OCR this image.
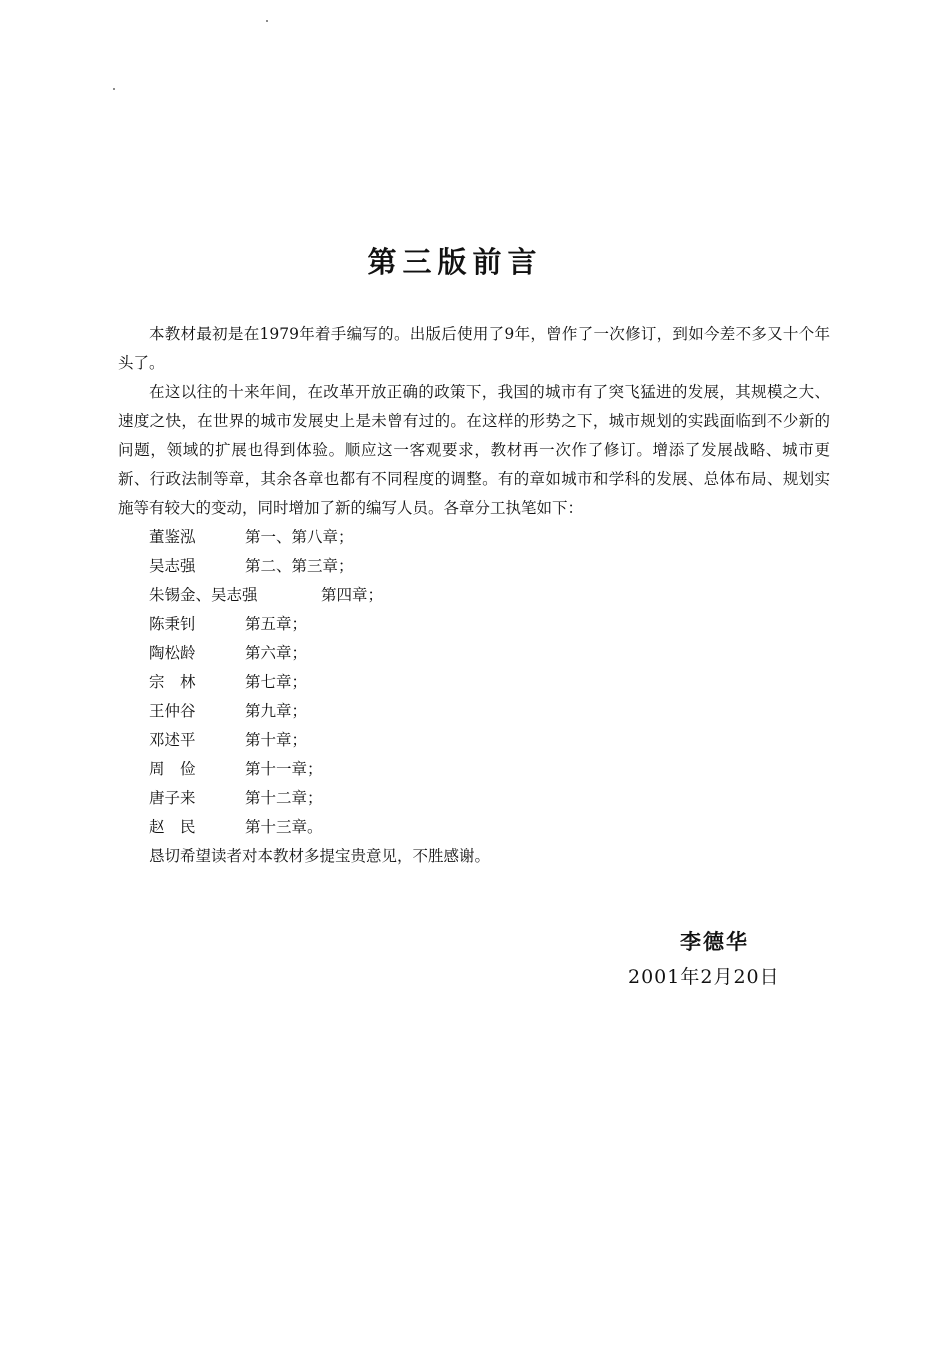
第三版前言

本教材最初是在1979年着手编写的。出版后使用了9年，曾作了一次修订，到如今差不多又十个年头了。

在这以往的十来年间，在改革开放正确的政策下，我国的城市有了突飞猛进的发展，其规模之大、速度之快，在世界的城市发展史上是未曾有过的。在这样的形势之下，城市规划的实践面临到不少新的问题，领域的扩展也得到体验。顺应这一客观要求，教材再一次作了修订。增添了发展战略、城市更新、行政法制等章，其余各章也都有不同程度的调整。有的章如城市和学科的发展、总体布局、规划实施等有较大的变动，同时增加了新的编写人员。各章分工执笔如下：

董鉴泓	第一、第八章；
吴志强	第二、第三章；
朱锡金、吴志强	第四章；
陈秉钊	第五章；
陶松龄	第六章；
宗　林	第七章；
王仲谷	第九章；
邓述平	第十章；
周　俭	第十一章；
唐子来	第十二章；
赵　民	第十三章。

恳切希望读者对本教材多提宝贵意见，不胜感谢。

李德华
2001年2月20日
